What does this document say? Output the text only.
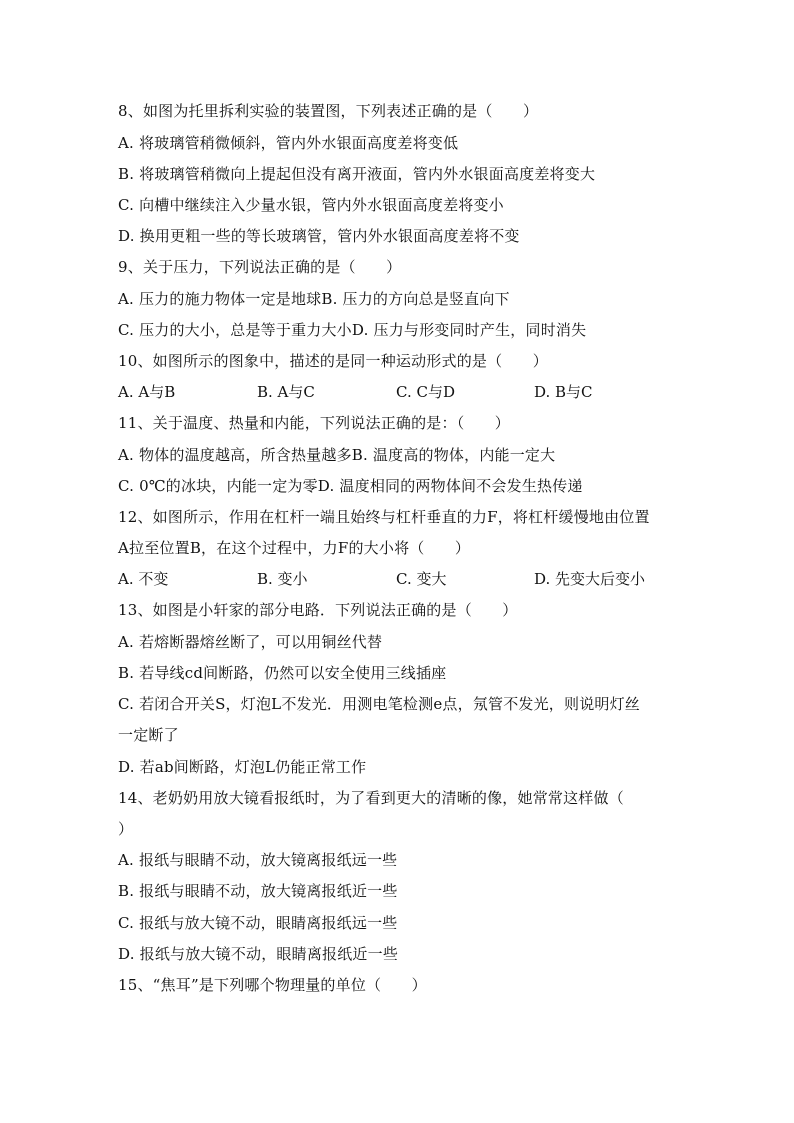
8、如图为托里拆利实验的装置图，下列表述正确的是（　　）
A. 将玻璃管稍微倾斜，管内外水银面高度差将变低
B. 将玻璃管稍微向上提起但没有离开液面，管内外水银面高度差将变大
C. 向槽中继续注入少量水银，管内外水银面高度差将变小
D. 换用更粗一些的等长玻璃管，管内外水银面高度差将不变
9、关于压力，下列说法正确的是（　　）
A. 压力的施力物体一定是地球B. 压力的方向总是竖直向下
C. 压力的大小，总是等于重力大小D. 压力与形变同时产生，同时消失
10、如图所示的图象中，描述的是同一种运动形式的是（　　）
A. A与B	B. A与C	C. C与D	D. B与C
11、关于温度、热量和内能，下列说法正确的是：（　　）
A. 物体的温度越高，所含热量越多B. 温度高的物体，内能一定大
C. 0℃的冰块，内能一定为零D. 温度相同的两物体间不会发生热传递
12、如图所示，作用在杠杆一端且始终与杠杆垂直的力F，将杠杆缓慢地由位置
A拉至位置B，在这个过程中，力F的大小将（　　）
A. 不变	B. 变小	C. 变大	D. 先变大后变小
13、如图是小轩家的部分电路．下列说法正确的是（　　）
A. 若熔断器熔丝断了，可以用铜丝代替
B. 若导线cd间断路，仍然可以安全使用三线插座
C. 若闭合开关S，灯泡L不发光．用测电笔检测e点，氖管不发光，则说明灯丝
一定断了
D. 若ab间断路，灯泡L仍能正常工作
14、老奶奶用放大镜看报纸时，为了看到更大的清晰的像，她常常这样做（
）
A. 报纸与眼睛不动，放大镜离报纸远一些
B. 报纸与眼睛不动，放大镜离报纸近一些
C. 报纸与放大镜不动，眼睛离报纸远一些
D. 报纸与放大镜不动，眼睛离报纸近一些
15、“焦耳”是下列哪个物理量的单位（　　）
